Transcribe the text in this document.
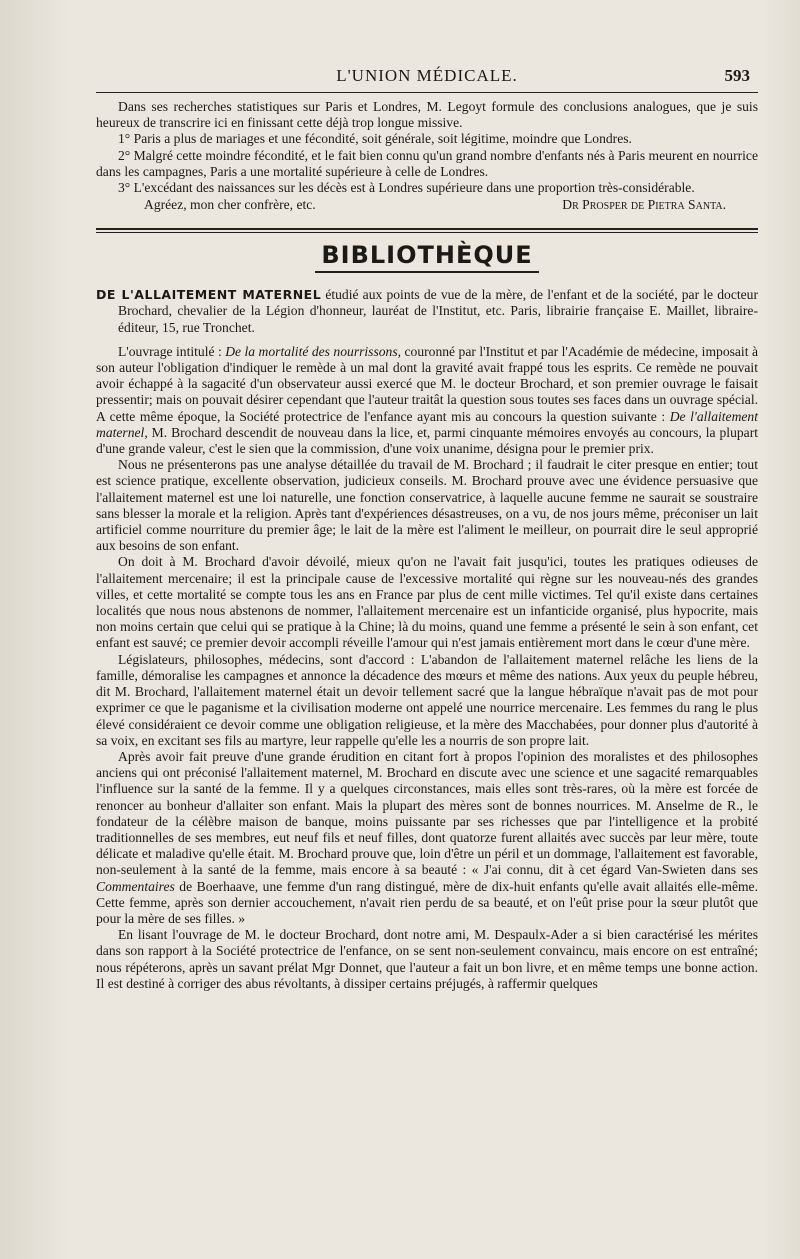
L'UNION MÉDICALE.	593

Dans ses recherches statistiques sur Paris et Londres, M. Legoyt formule des conclusions analogues, que je suis heureux de transcrire ici en finissant cette déjà trop longue missive.

1° Paris a plus de mariages et une fécondité, soit générale, soit légitime, moindre que Londres.

2° Malgré cette moindre fécondité, et le fait bien connu qu'un grand nombre d'enfants nés à Paris meurent en nourrice dans les campagnes, Paris a une mortalité supérieure à celle de Londres.

3° L'excédant des naissances sur les décès est à Londres supérieure dans une proportion très-considérable.

Agréez, mon cher confrère, etc.	Dr Prosper de Pietra Santa.
BIBLIOTHÈQUE

DE L'ALLAITEMENT MATERNEL étudié aux points de vue de la mère, de l'enfant et de la société, par le docteur Brochard, chevalier de la Légion d'honneur, lauréat de l'Institut, etc. Paris, librairie française E. Maillet, libraire-éditeur, 15, rue Tronchet.

L'ouvrage intitulé : De la mortalité des nourrissons, couronné par l'Institut et par l'Académie de médecine, imposait à son auteur l'obligation d'indiquer le remède à un mal dont la gravité avait frappé tous les esprits. Ce remède ne pouvait avoir échappé à la sagacité d'un observateur aussi exercé que M. le docteur Brochard, et son premier ouvrage le faisait pressentir; mais on pouvait désirer cependant que l'auteur traitât la question sous toutes ses faces dans un ouvrage spécial. A cette même époque, la Société protectrice de l'enfance ayant mis au concours la question suivante : De l'allaitement maternel, M. Brochard descendit de nouveau dans la lice, et, parmi cinquante mémoires envoyés au concours, la plupart d'une grande valeur, c'est le sien que la commission, d'une voix unanime, désigna pour le premier prix.

Nous ne présenterons pas une analyse détaillée du travail de M. Brochard ; il faudrait le citer presque en entier; tout est science pratique, excellente observation, judicieux conseils. M. Brochard prouve avec une évidence persuasive que l'allaitement maternel est une loi naturelle, une fonction conservatrice, à laquelle aucune femme ne saurait se soustraire sans blesser la morale et la religion. Après tant d'expériences désastreuses, on a vu, de nos jours même, préconiser un lait artificiel comme nourriture du premier âge; le lait de la mère est l'aliment le meilleur, on pourrait dire le seul approprié aux besoins de son enfant.

On doit à M. Brochard d'avoir dévoilé, mieux qu'on ne l'avait fait jusqu'ici, toutes les pratiques odieuses de l'allaitement mercenaire; il est la principale cause de l'excessive mortalité qui règne sur les nouveau-nés des grandes villes, et cette mortalité se compte tous les ans en France par plus de cent mille victimes. Tel qu'il existe dans certaines localités que nous nous abstenons de nommer, l'allaitement mercenaire est un infanticide organisé, plus hypocrite, mais non moins certain que celui qui se pratique à la Chine; là du moins, quand une femme a présenté le sein à son enfant, cet enfant est sauvé; ce premier devoir accompli réveille l'amour qui n'est jamais entièrement mort dans le cœur d'une mère.

Législateurs, philosophes, médecins, sont d'accord : L'abandon de l'allaitement maternel relâche les liens de la famille, démoralise les campagnes et annonce la décadence des mœurs et même des nations. Aux yeux du peuple hébreu, dit M. Brochard, l'allaitement maternel était un devoir tellement sacré que la langue hébraïque n'avait pas de mot pour exprimer ce que le paganisme et la civilisation moderne ont appelé une nourrice mercenaire. Les femmes du rang le plus élevé considéraient ce devoir comme une obligation religieuse, et la mère des Macchabées, pour donner plus d'autorité à sa voix, en excitant ses fils au martyre, leur rappelle qu'elle les a nourris de son propre lait.

Après avoir fait preuve d'une grande érudition en citant fort à propos l'opinion des moralistes et des philosophes anciens qui ont préconisé l'allaitement maternel, M. Brochard en discute avec une science et une sagacité remarquables l'influence sur la santé de la femme. Il y a quelques circonstances, mais elles sont très-rares, où la mère est forcée de renoncer au bonheur d'allaiter son enfant. Mais la plupart des mères sont de bonnes nourrices. M. Anselme de R., le fondateur de la célèbre maison de banque, moins puissante par ses richesses que par l'intelligence et la probité traditionnelles de ses membres, eut neuf fils et neuf filles, dont quatorze furent allaités avec succès par leur mère, toute délicate et maladive qu'elle était. M. Brochard prouve que, loin d'être un péril et un dommage, l'allaitement est favorable, non-seulement à la santé de la femme, mais encore à sa beauté : « J'ai connu, dit à cet égard Van-Swieten dans ses Commentaires de Boerhaave, une femme d'un rang distingué, mère de dix-huit enfants qu'elle avait allaités elle-même. Cette femme, après son dernier accouchement, n'avait rien perdu de sa beauté, et on l'eût prise pour la sœur plutôt que pour la mère de ses filles. »

En lisant l'ouvrage de M. le docteur Brochard, dont notre ami, M. Despaulx-Ader a si bien caractérisé les mérites dans son rapport à la Société protectrice de l'enfance, on se sent non-seulement convaincu, mais encore on est entraîné; nous répéterons, après un savant prélat Mgr Donnet, que l'auteur a fait un bon livre, et en même temps une bonne action. Il est destiné à corriger des abus révoltants, à dissiper certains préjugés, à raffermir quelques
